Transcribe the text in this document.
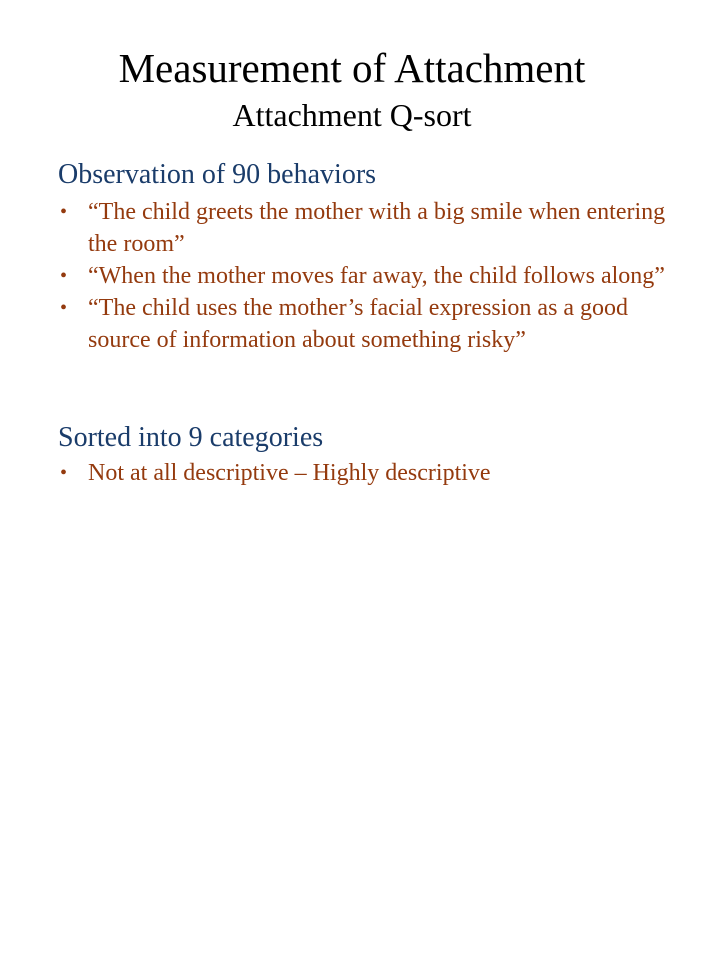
Measurement of Attachment
Attachment Q-sort
Observation of 90 behaviors
• “The child greets the mother with a big smile when entering the room”
• “When the mother moves far away, the child follows along”
• “The child uses the mother’s facial expression as a good source of information about something risky”
Sorted into 9 categories
• Not at all descriptive – Highly descriptive
